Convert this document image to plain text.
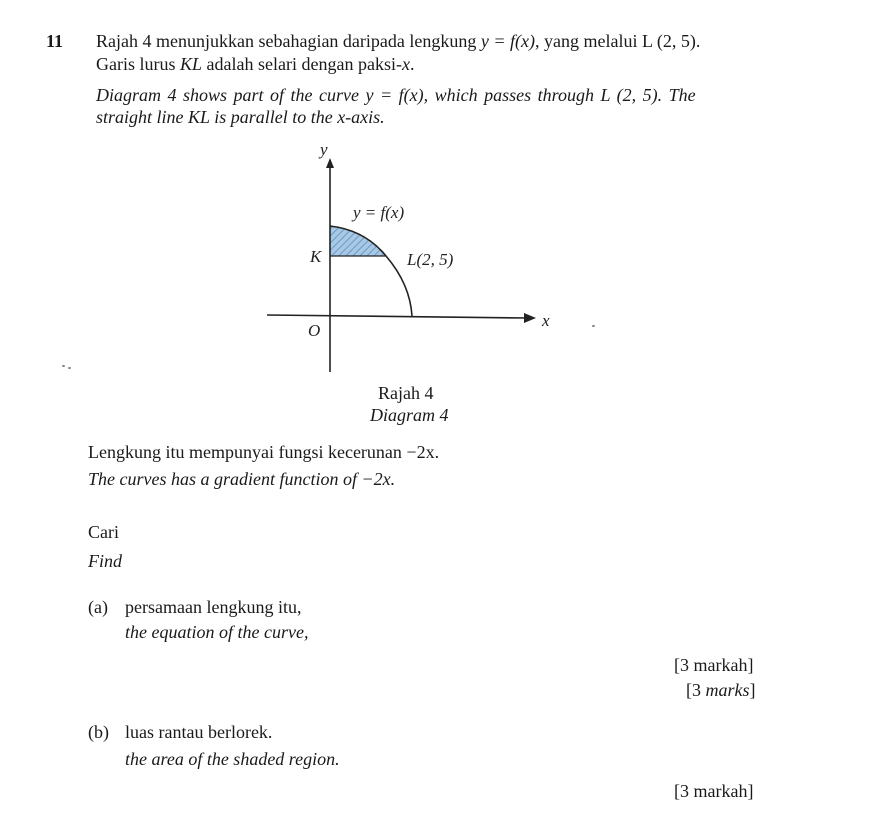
11 Rajah 4 menunjukkan sebahagian daripada lengkung y = f(x), yang melalui L (2, 5).
Garis lurus KL adalah selari dengan paksi-x.
Diagram 4 shows part of the curve y = f(x), which passes through L (2, 5). The
straight line KL is parallel to the x-axis.
y
x
O
y = f(x)
K	L(2, 5)
Rajah 4
Diagram 4
Lengkung itu mempunyai fungsi kecerunan −2x.
The curves has a gradient function of −2x.
Cari
Find
(a) persamaan lengkung itu,
the equation of the curve,
[3 markah]
[3 marks]
(b) luas rantau berlorek.
the area of the shaded region.
[3 markah]
